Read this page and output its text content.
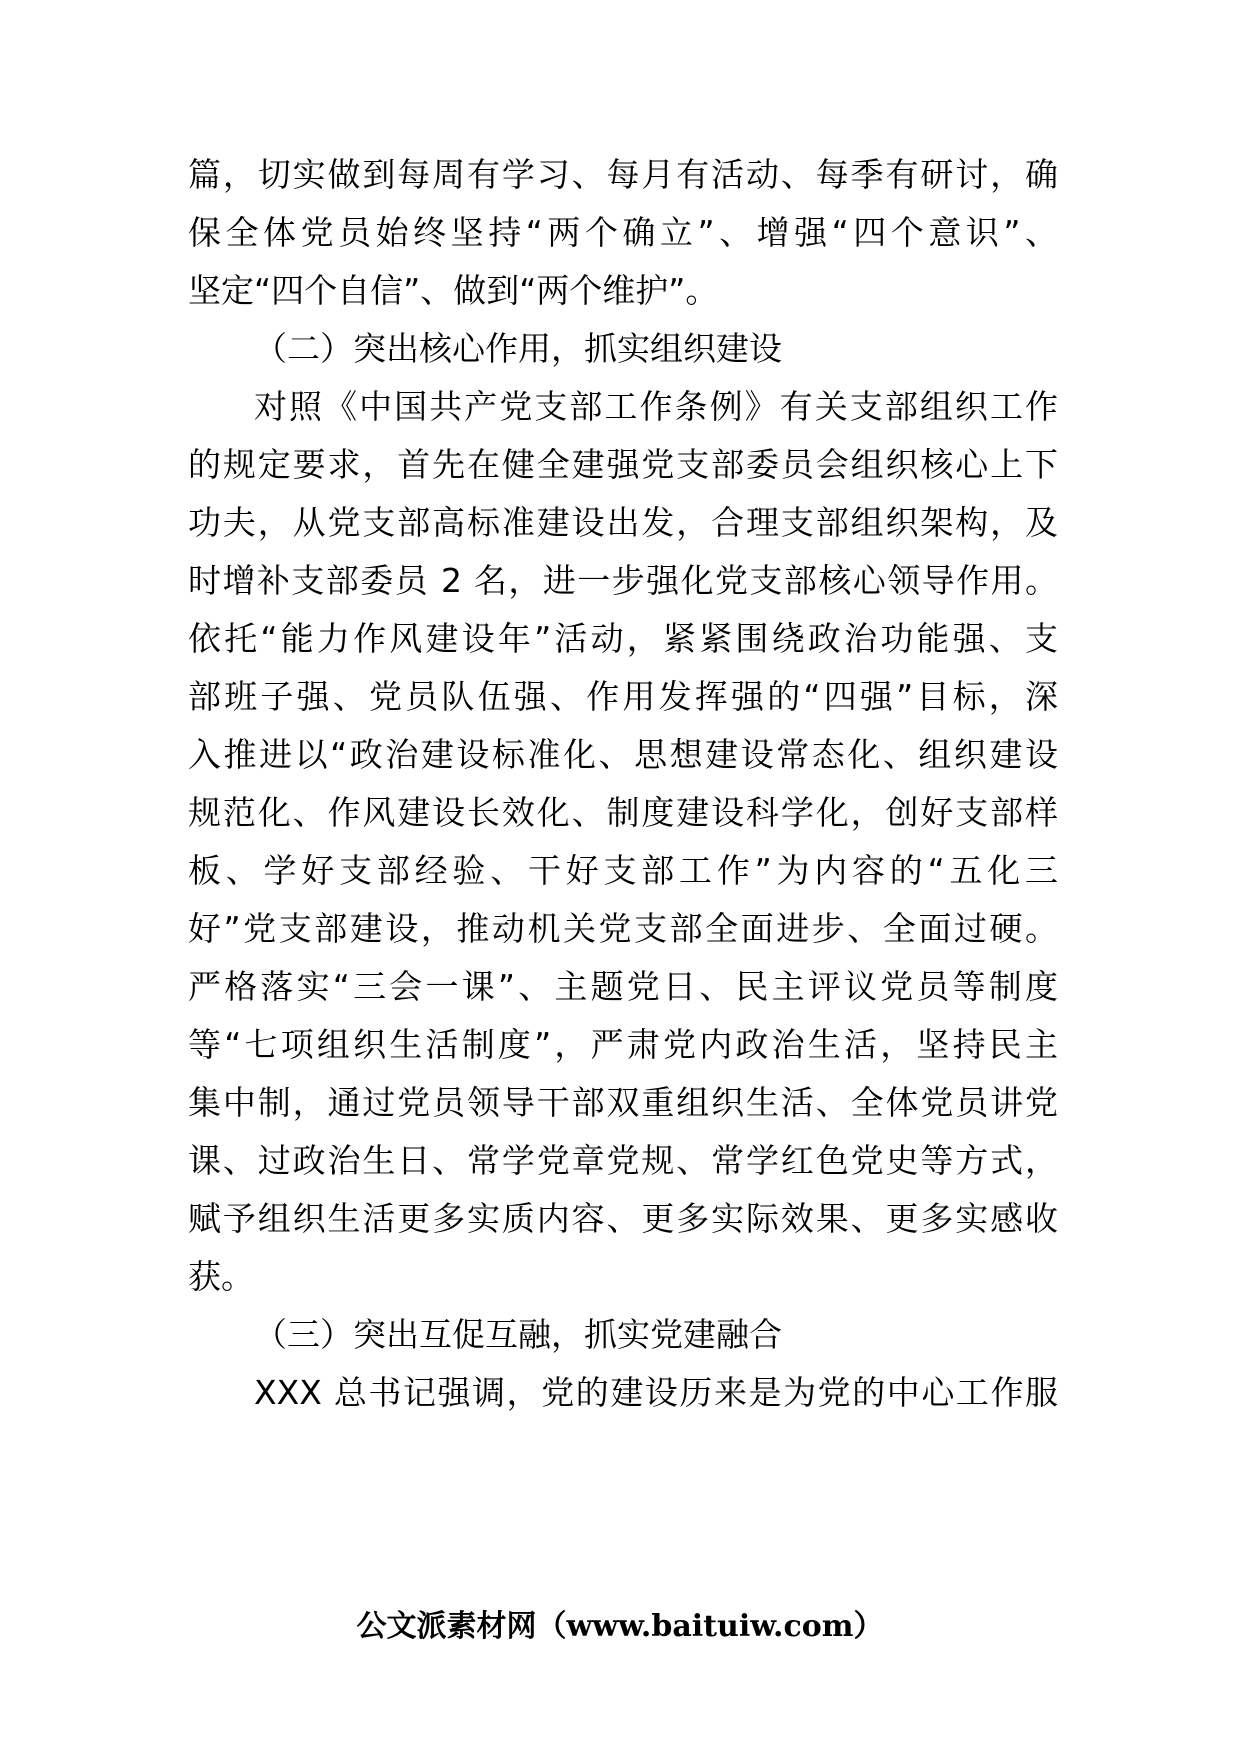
篇，切实做到每周有学习、每月有活动、每季有研讨，确
保全体党员始终坚持“两个确立”、增强“四个意识”、
坚定“四个自信”、做到“两个维护”。
（二）突出核心作用，抓实组织建设
对照《中国共产党支部工作条例》有关支部组织工作
的规定要求，首先在健全建强党支部委员会组织核心上下
功夫，从党支部高标准建设出发，合理支部组织架构，及
时增补支部委员 2 名，进一步强化党支部核心领导作用。
依托“能力作风建设年”活动，紧紧围绕政治功能强、支
部班子强、党员队伍强、作用发挥强的“四强”目标，深
入推进以“政治建设标准化、思想建设常态化、组织建设
规范化、作风建设长效化、制度建设科学化，创好支部样
板、学好支部经验、干好支部工作”为内容的“五化三
好”党支部建设，推动机关党支部全面进步、全面过硬。
严格落实“三会一课”、主题党日、民主评议党员等制度
等“七项组织生活制度”，严肃党内政治生活，坚持民主
集中制，通过党员领导干部双重组织生活、全体党员讲党
课、过政治生日、常学党章党规、常学红色党史等方式，
赋予组织生活更多实质内容、更多实际效果、更多实感收
获。
（三）突出互促互融，抓实党建融合
XXX 总书记强调，党的建设历来是为党的中心工作服
公文派素材网（www.baituiw.com）
